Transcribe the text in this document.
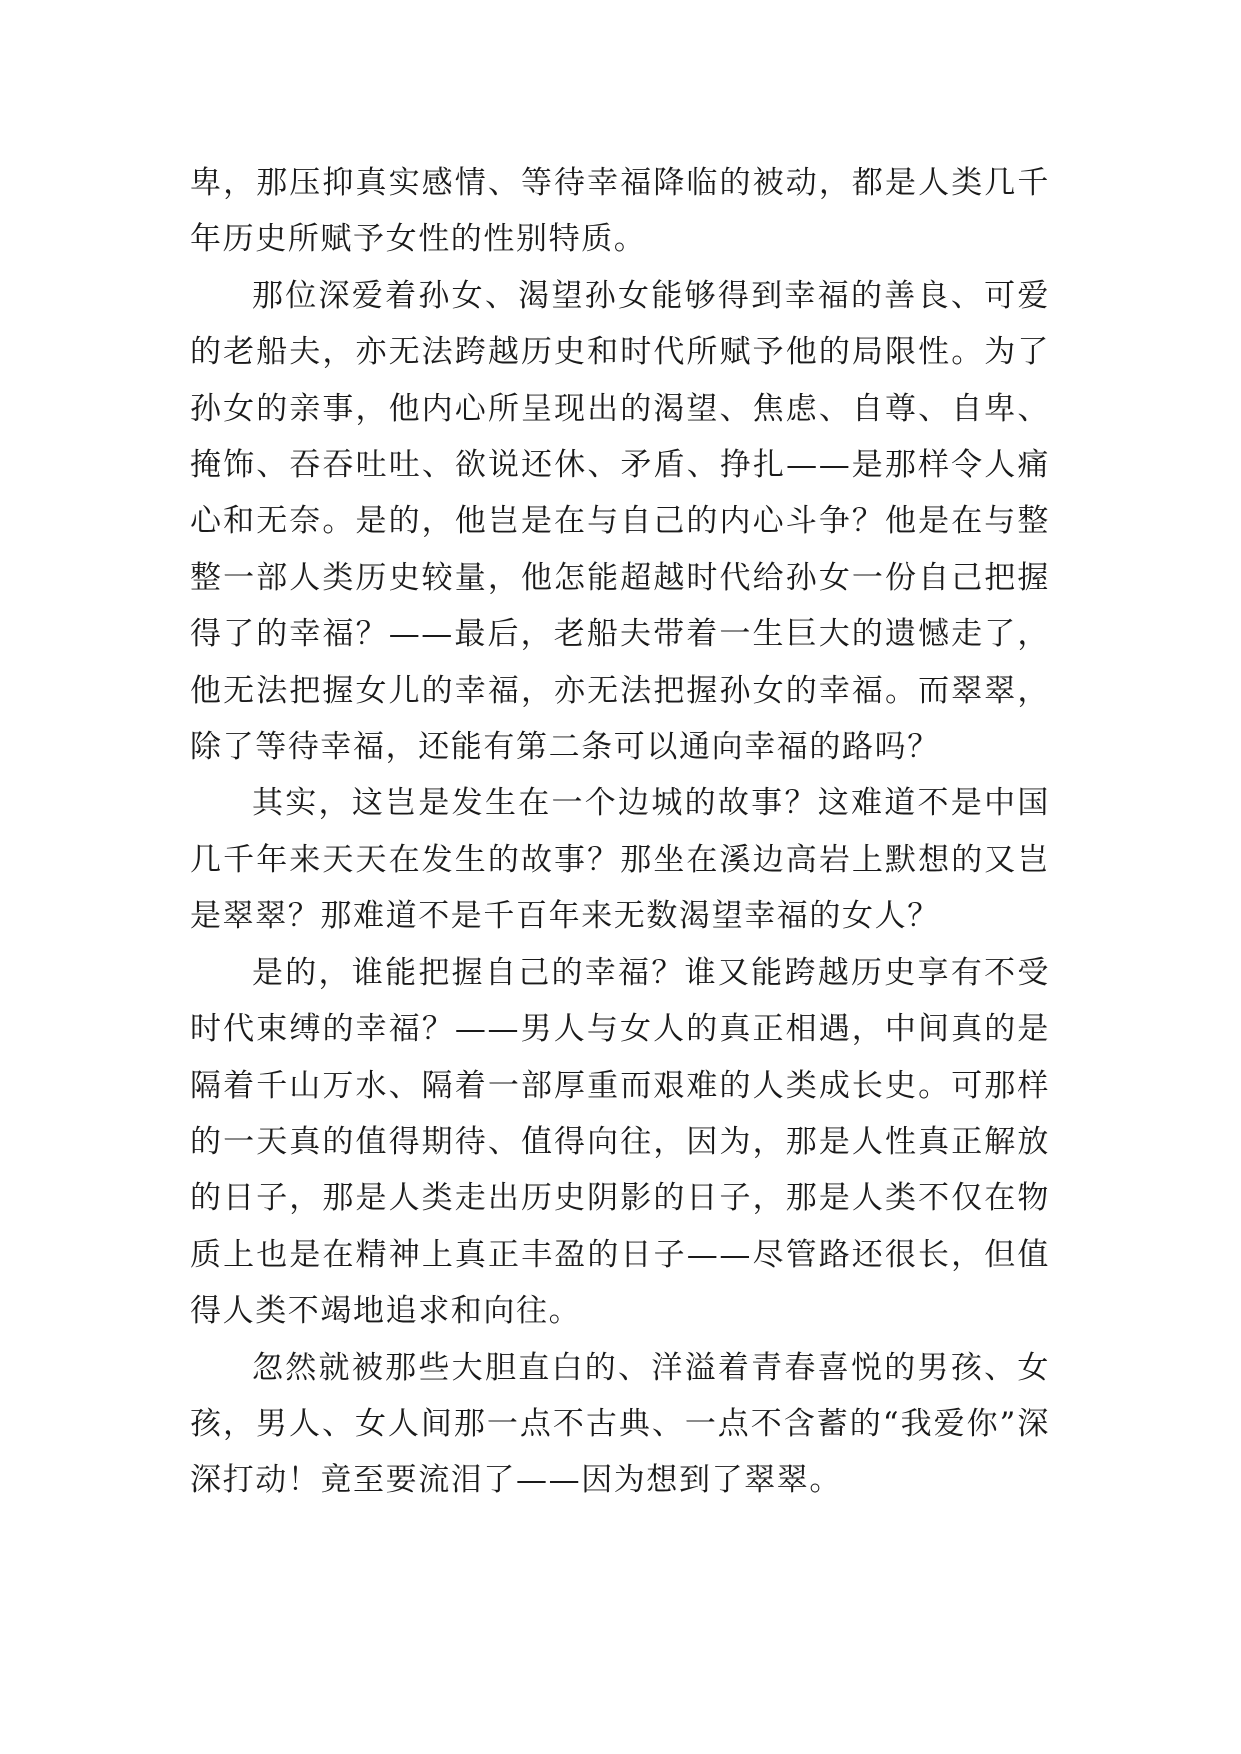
卑，那压抑真实感情、等待幸福降临的被动，都是人类几千年历史所赋予女性的性别特质。

那位深爱着孙女、渴望孙女能够得到幸福的善良、可爱的老船夫，亦无法跨越历史和时代所赋予他的局限性。为了孙女的亲事，他内心所呈现出的渴望、焦虑、自尊、自卑、掩饰、吞吞吐吐、欲说还休、矛盾、挣扎——是那样令人痛心和无奈。是的，他岂是在与自己的内心斗争？他是在与整整一部人类历史较量，他怎能超越时代给孙女一份自己把握得了的幸福？——最后，老船夫带着一生巨大的遗憾走了，他无法把握女儿的幸福，亦无法把握孙女的幸福。而翠翠，除了等待幸福，还能有第二条可以通向幸福的路吗？

其实，这岂是发生在一个边城的故事？这难道不是中国几千年来天天在发生的故事？那坐在溪边高岩上默想的又岂是翠翠？那难道不是千百年来无数渴望幸福的女人？

是的，谁能把握自己的幸福？谁又能跨越历史享有不受时代束缚的幸福？——男人与女人的真正相遇，中间真的是隔着千山万水、隔着一部厚重而艰难的人类成长史。可那样的一天真的值得期待、值得向往，因为，那是人性真正解放的日子，那是人类走出历史阴影的日子，那是人类不仅在物质上也是在精神上真正丰盈的日子——尽管路还很长，但值得人类不竭地追求和向往。

忽然就被那些大胆直白的、洋溢着青春喜悦的男孩、女孩，男人、女人间那一点不古典、一点不含蓄的“我爱你”深深打动！竟至要流泪了——因为想到了翠翠。
